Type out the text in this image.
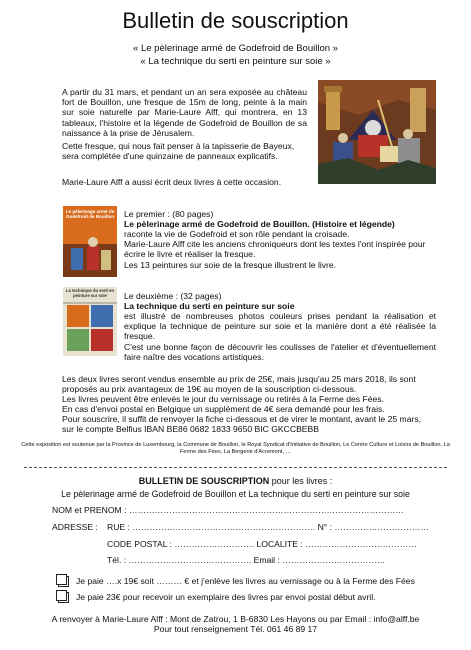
Bulletin de souscription
« Le pèlerinage armé de Godefroid de Bouillon »
« La technique du serti en peinture sur soie »
A partir du 31 mars, et pendant un an sera exposée au château fort de Bouillon, une fresque de 15m de long, peinte à la main sur soie naturelle par Marie-Laure Alff, qui montrera, en 13 tableaux, l'histoire et la légende de Godefroid de Bouillon de sa naissance à la prise de Jérusalem.
Cette fresque, qui nous fait penser à la tapisserie de Bayeux, sera complétée d'une quinzaine de panneaux explicatifs.
Marie-Laure Alff a aussi écrit deux livres à cette occasion.
Le pèlerinage armé de Godefroid de Bouillon Le premier : (80 pages)
Le pèlerinage armé de Godefroid de Bouillon. (Histoire et légende)
raconte la vie de Godefroid et son rôle pendant la croisade.
Marie-Laure Alff cite les anciens chroniqueurs dont les textes l'ont inspirée pour écrire le livre et réaliser la fresque.
Les 13 peintures sur soie de la fresque illustrent le livre.
La technique du serti en peinture sur soie	Le deuxième : (32 pages)
La technique du serti en peinture sur soie
est illustré de nombreuses photos couleurs prises pendant la réalisation et explique la technique de peinture sur soie et la manière dont a été réalisée la fresque.
C'est une bonne façon de découvrir les coulisses de l'atelier et d'éventuellement faire naître des vocations artistiques.
Les deux livres seront vendus ensemble au prix de 25€, mais jusqu'au 25 mars 2018, ils sont proposés au prix avantageux de 19€ au moyen de la souscription ci-dessous.
Les livres peuvent être enlevés le jour du vernissage ou retirés à la Ferme des Fées.
En cas d'envoi postal en Belgique un supplément de 4€ sera demandé pour les frais.
Pour souscrire, il suffit de renvoyer la fiche ci-dessous et de virer le montant, avant le 25 mars, sur le compte Belfius IBAN BE86 0682 1833 9650 BIC GKCCBEBB
Cette exposition est soutenue par la Province de Luxembourg, la Commune de Bouillon, le Royal Syndicat d'Initiative de Bouillon, Le Centre Culture et Loisirs de Bouillon, La Ferme des Fées, La Bergerie d'Acremont, …
BULLETIN DE SOUSCRIPTION pour les livres :
Le pèlerinage armé de Godefroid de Bouillon et La technique du serti en peinture sur soie
NOM et PRENOM : ……………………………………………………………………………………
ADRESSE :	RUE : ………………………………………………………. N° : ……………………………
CODE POSTAL : ………………………. LOCALITE : …………………………………
Tél. : ……………………………………. Email : ………………………………
Je paie ….x 19€ soit ……… € et j'enlève les livres au vernissage ou à la Ferme des Fées
Je paie 23€ pour recevoir un exemplaire des livres par envoi postal début avril.
A renvoyer à Marie-Laure Alff : Mont de Zatrou, 1 B-6830 Les Hayons ou par Email : info@alff.be
Pour tout renseignement Tél. 061 46 89 17
